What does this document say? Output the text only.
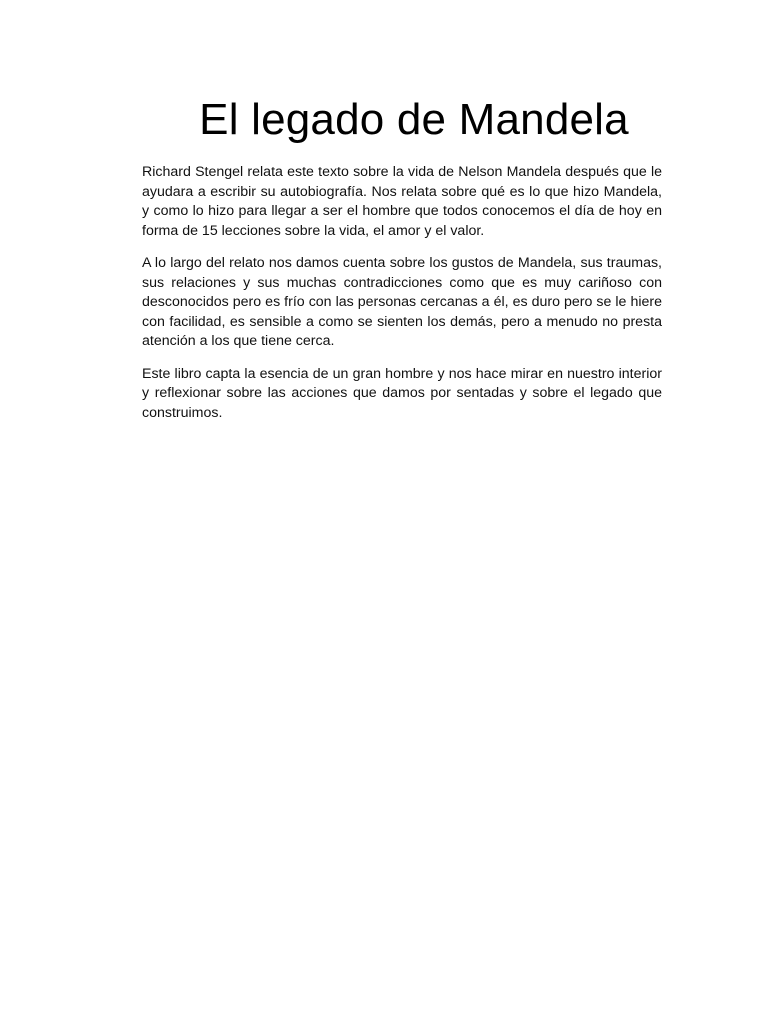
El legado de Mandela

Richard Stengel relata este texto sobre la vida de Nelson Mandela después que le ayudara a escribir su autobiografía. Nos relata sobre qué es lo que hizo Mandela, y como lo hizo para llegar a ser el hombre que todos conocemos el día de hoy en forma de 15 lecciones sobre la vida, el amor y el valor.

A lo largo del relato nos damos cuenta sobre los gustos de Mandela, sus traumas, sus relaciones y sus muchas contradicciones como que es muy cariñoso con desconocidos pero es frío con las personas cercanas a él, es duro pero se le hiere con facilidad, es sensible a como se sienten los demás, pero a menudo no presta atención a los que tiene cerca.

Este libro capta la esencia de un gran hombre y nos hace mirar en nuestro interior y reflexionar sobre las acciones que damos por sentadas y sobre el legado que construimos.
